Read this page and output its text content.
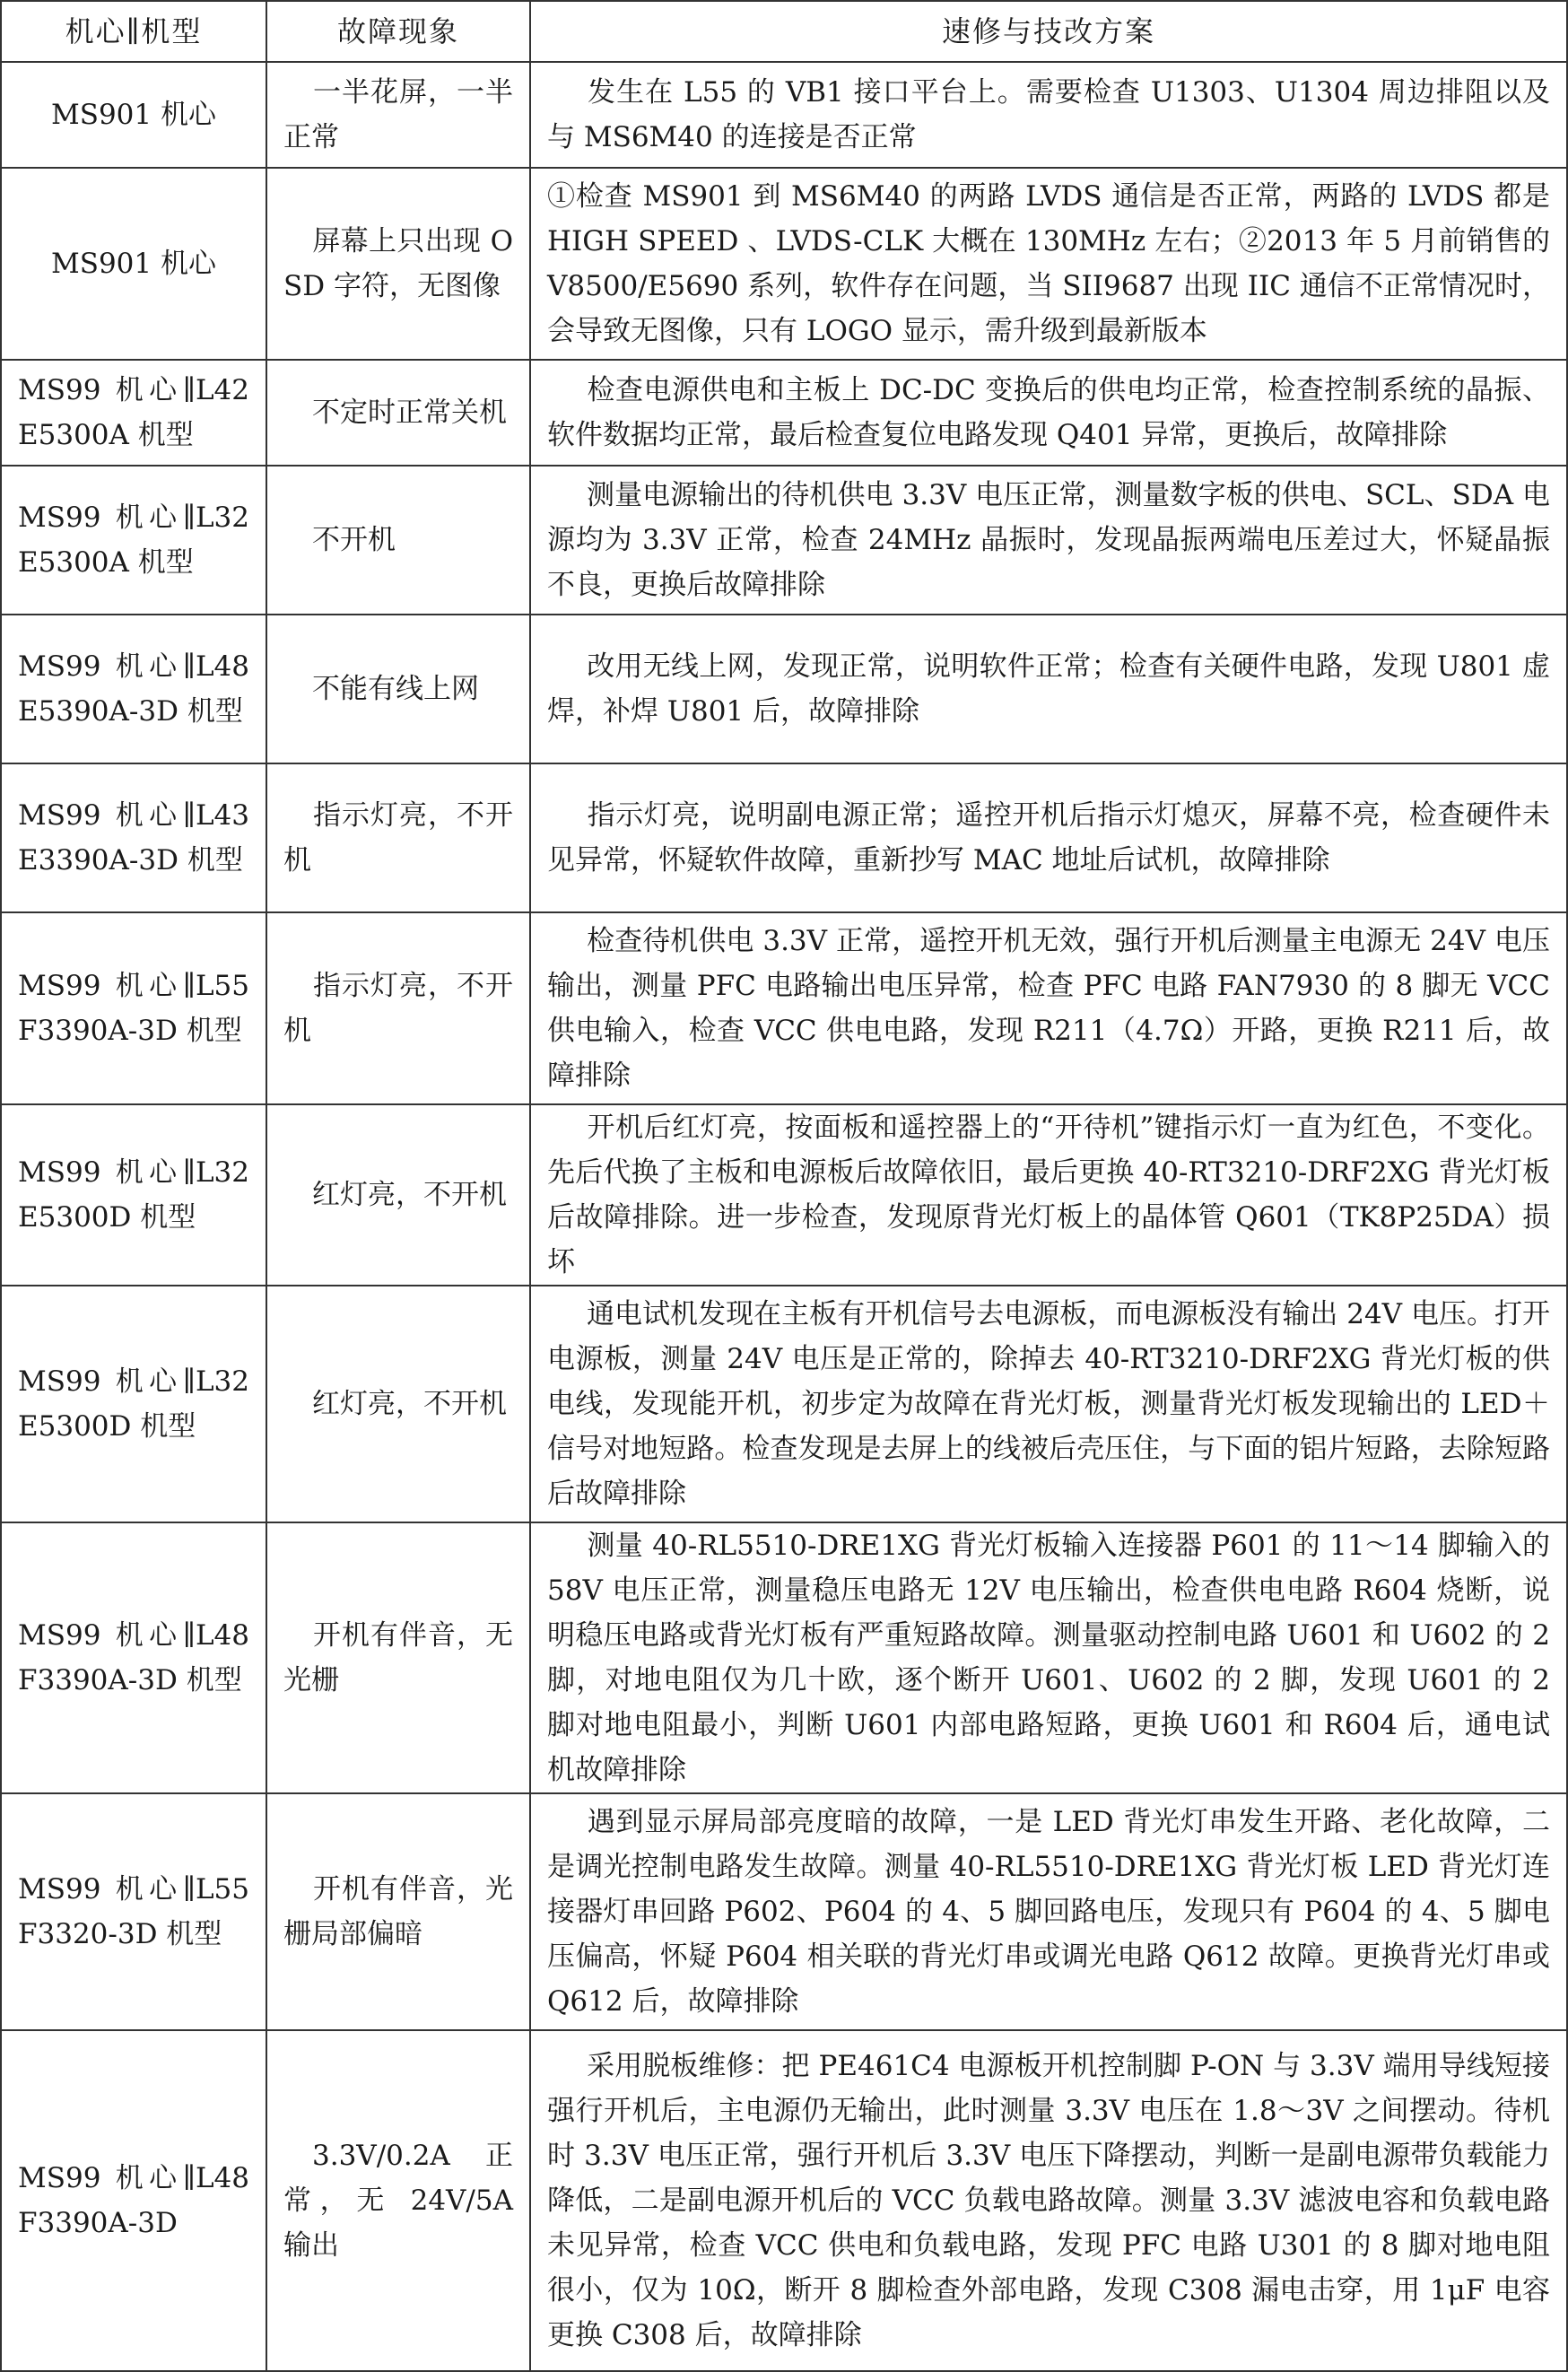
机心∥机型	故障现象	速修与技改方案
MS901 机心	一半花屏，一半正常	发生在 L55 的 VB1 接口平台上。需要检查 U1303、U1304 周边排阻以及与 MS6M40 的连接是否正常
MS901 机心	屏幕上只出现 OSD 字符，无图像	①检查 MS901 到 MS6M40 的两路 LVDS 通信是否正常，两路的 LVDS 都是 HIGH SPEED 、LVDS-CLK 大概在 130MHz 左右；②2013 年 5 月前销售的 V8500/E5690 系列，软件存在问题，当 SII9687 出现 IIC 通信不正常情况时，会导致无图像，只有 LOGO 显示，需升级到最新版本
MS99 机心∥L42E5300A 机型	不定时正常关机	检查电源供电和主板上 DC-DC 变换后的供电均正常，检查控制系统的晶振、软件数据均正常，最后检查复位电路发现 Q401 异常，更换后，故障排除
MS99 机心∥L32E5300A 机型	不开机	测量电源输出的待机供电 3.3V 电压正常，测量数字板的供电、SCL、SDA 电源均为 3.3V 正常，检查 24MHz 晶振时，发现晶振两端电压差过大，怀疑晶振不良，更换后故障排除
MS99 机心∥L48E5390A-3D 机型	不能有线上网	改用无线上网，发现正常，说明软件正常；检查有关硬件电路，发现 U801 虚焊，补焊 U801 后，故障排除
MS99 机心∥L43E3390A-3D 机型	指示灯亮，不开机	指示灯亮，说明副电源正常；遥控开机后指示灯熄灭，屏幕不亮，检查硬件未见异常，怀疑软件故障，重新抄写 MAC 地址后试机，故障排除
MS99 机心∥L55F3390A-3D 机型	指示灯亮，不开机	检查待机供电 3.3V 正常，遥控开机无效，强行开机后测量主电源无 24V 电压输出，测量 PFC 电路输出电压异常，检查 PFC 电路 FAN7930 的 8 脚无 VCC 供电输入，检查 VCC 供电电路，发现 R211（4.7Ω）开路，更换 R211 后，故障排除
MS99 机心∥L32E5300D 机型	红灯亮，不开机	开机后红灯亮，按面板和遥控器上的“开待机”键指示灯一直为红色，不变化。先后代换了主板和电源板后故障依旧，最后更换 40-RT3210-DRF2XG 背光灯板后故障排除。进一步检查，发现原背光灯板上的晶体管 Q601（TK8P25DA）损坏
MS99 机心∥L32E5300D 机型	红灯亮，不开机	通电试机发现在主板有开机信号去电源板，而电源板没有输出 24V 电压。打开电源板，测量 24V 电压是正常的，除掉去 40-RT3210-DRF2XG 背光灯板的供电线，发现能开机，初步定为故障在背光灯板，测量背光灯板发现输出的 LED＋信号对地短路。检查发现是去屏上的线被后壳压住，与下面的铝片短路，去除短路后故障排除
MS99 机心∥L48F3390A-3D 机型	开机有伴音，无光栅	测量 40-RL5510-DRE1XG 背光灯板输入连接器 P601 的 11～14 脚输入的 58V 电压正常，测量稳压电路无 12V 电压输出，检查供电电路 R604 烧断，说明稳压电路或背光灯板有严重短路故障。测量驱动控制电路 U601 和 U602 的 2 脚，对地电阻仅为几十欧，逐个断开 U601、U602 的 2 脚，发现 U601 的 2 脚对地电阻最小，判断 U601 内部电路短路，更换 U601 和 R604 后，通电试机故障排除
MS99 机心∥L55F3320-3D 机型	开机有伴音，光栅局部偏暗	遇到显示屏局部亮度暗的故障，一是 LED 背光灯串发生开路、老化故障，二是调光控制电路发生故障。测量 40-RL5510-DRE1XG 背光灯板 LED 背光灯连接器灯串回路 P602、P604 的 4、5 脚回路电压，发现只有 P604 的 4、5 脚电压偏高，怀疑 P604 相关联的背光灯串或调光电路 Q612 故障。更换背光灯串或 Q612 后，故障排除
MS99 机心∥L48F3390A-3D	3.3V/0.2A 正常，无 24V/5A 输出	采用脱板维修：把 PE461C4 电源板开机控制脚 P-ON 与 3.3V 端用导线短接强行开机后，主电源仍无输出，此时测量 3.3V 电压在 1.8～3V 之间摆动。待机时 3.3V 电压正常，强行开机后 3.3V 电压下降摆动，判断一是副电源带负载能力降低，二是副电源开机后的 VCC 负载电路故障。测量 3.3V 滤波电容和负载电路未见异常，检查 VCC 供电和负载电路，发现 PFC 电路 U301 的 8 脚对地电阻很小，仅为 10Ω，断开 8 脚检查外部电路，发现 C308 漏电击穿，用 1μF 电容更换 C308 后，故障排除
